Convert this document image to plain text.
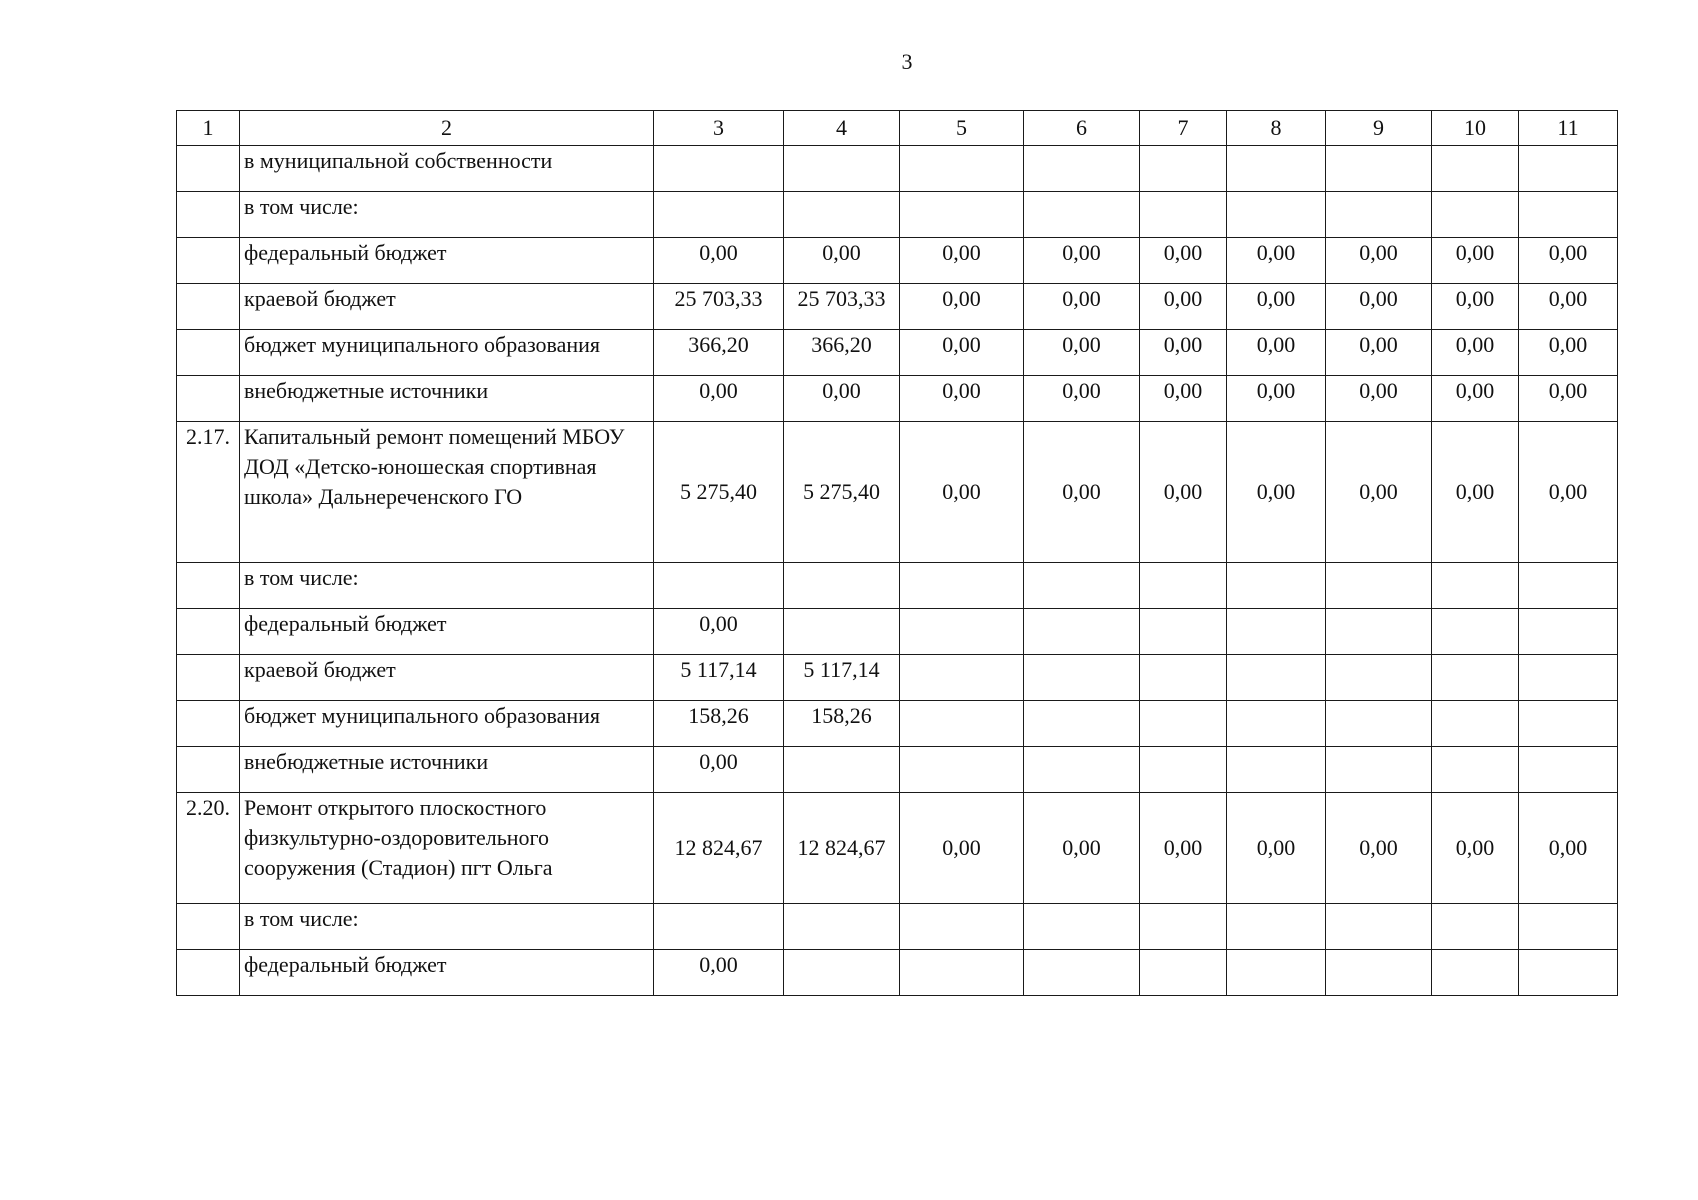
3
1	2	3	4	5	6	7	8	9	10	11
	в муниципальной собственности									
	в том числе:									
	федеральный бюджет	0,00	0,00	0,00	0,00	0,00	0,00	0,00	0,00	0,00
	краевой бюджет	25 703,33	25 703,33	0,00	0,00	0,00	0,00	0,00	0,00	0,00
	бюджет муниципального образования	366,20	366,20	0,00	0,00	0,00	0,00	0,00	0,00	0,00
	внебюджетные источники	0,00	0,00	0,00	0,00	0,00	0,00	0,00	0,00	0,00
2.17.	Капитальный ремонт помещений МБОУ ДОД «Детско-юношеская спортивная школа» Дальнереченского ГО	5 275,40	5 275,40	0,00	0,00	0,00	0,00	0,00	0,00	0,00
	в том числе:									
	федеральный бюджет	0,00								
	краевой бюджет	5 117,14	5 117,14							
	бюджет муниципального образования	158,26	158,26							
	внебюджетные источники	0,00								
2.20.	Ремонт открытого плоскостного физкультурно-оздоровительного сооружения (Стадион) пгт Ольга	12 824,67	12 824,67	0,00	0,00	0,00	0,00	0,00	0,00	0,00
	в том числе:									
	федеральный бюджет	0,00								
